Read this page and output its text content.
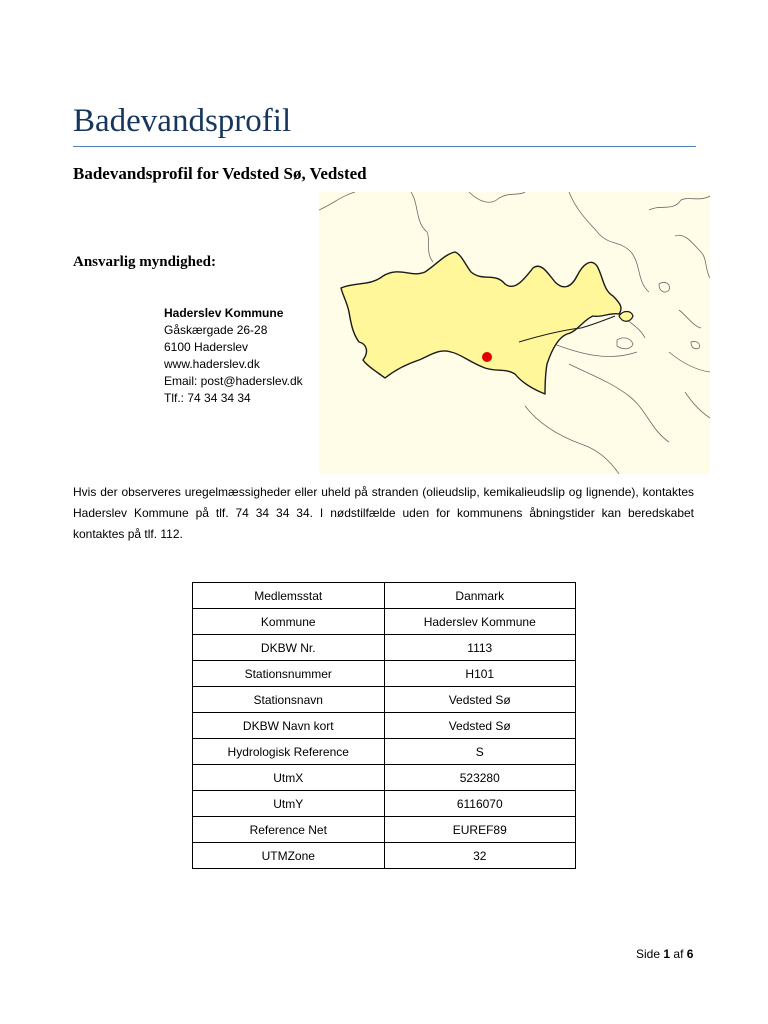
Badevandsprofil
Badevandsprofil for Vedsted Sø, Vedsted
Ansvarlig myndighed:
Haderslev Kommune
Gåskærgade 26-28
6100 Haderslev
www.haderslev.dk
Email: post@haderslev.dk
Tlf.: 74 34 34 34
Hvis der observeres uregelmæssigheder eller uheld på stranden (olieudslip, kemikalieudslip og lignende), kontaktes Haderslev Kommune på tlf. 74 34 34 34. I nødstilfælde uden for kommunens åbningstider kan beredskabet kontaktes på tlf. 112.
Medlemsstat	Danmark
Kommune	Haderslev Kommune
DKBW Nr.	1113
Stationsnummer	H101
Stationsnavn	Vedsted Sø
DKBW Navn kort	Vedsted Sø
Hydrologisk Reference	S
UtmX	523280
UtmY	6116070
Reference Net	EUREF89
UTMZone	32
Side 1 af 6
